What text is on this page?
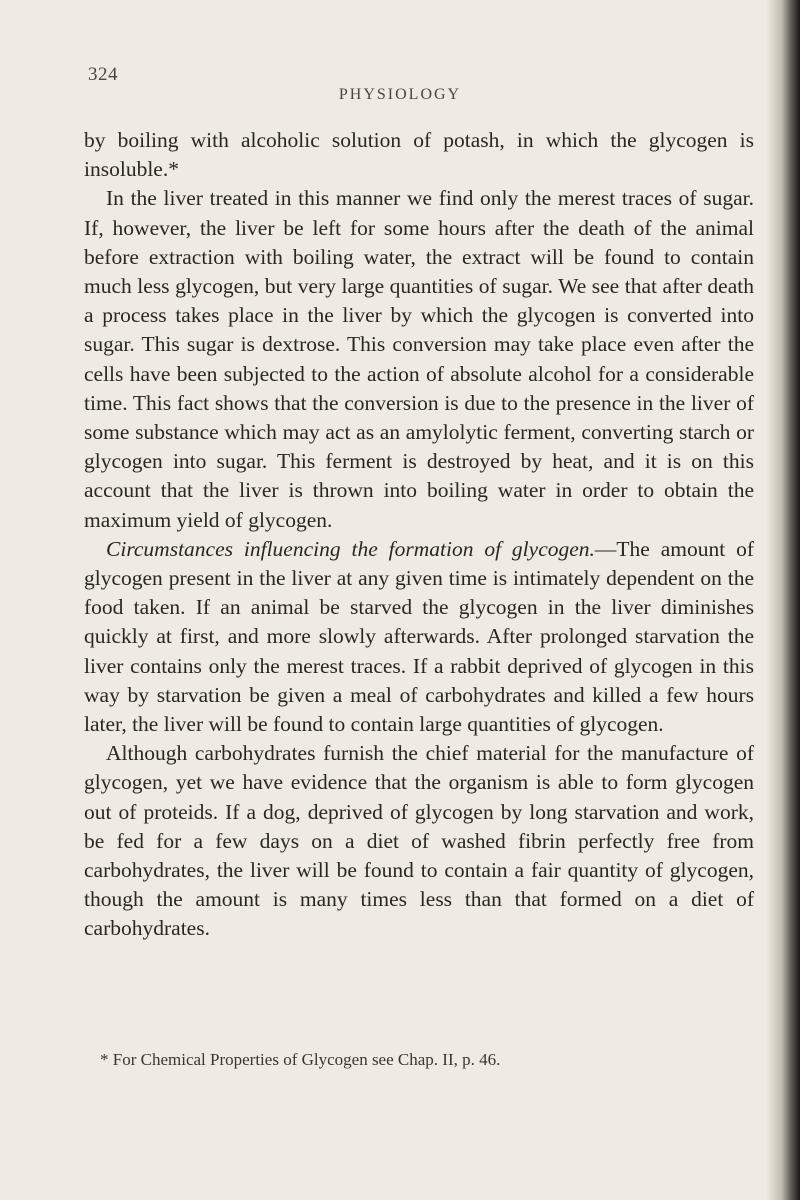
324
PHYSIOLOGY

by boiling with alcoholic solution of potash, in which the glycogen is insoluble.*

In the liver treated in this manner we find only the merest traces of sugar. If, however, the liver be left for some hours after the death of the animal before extraction with boiling water, the extract will be found to contain much less glycogen, but very large quantities of sugar. We see that after death a process takes place in the liver by which the glycogen is converted into sugar. This sugar is dextrose. This conversion may take place even after the cells have been subjected to the action of absolute alcohol for a considerable time. This fact shows that the conversion is due to the presence in the liver of some substance which may act as an amylolytic ferment, converting starch or glycogen into sugar. This ferment is destroyed by heat, and it is on this account that the liver is thrown into boiling water in order to obtain the maximum yield of glycogen.

Circumstances influencing the formation of glycogen.—The amount of glycogen present in the liver at any given time is intimately dependent on the food taken. If an animal be starved the glycogen in the liver diminishes quickly at first, and more slowly afterwards. After prolonged starvation the liver contains only the merest traces. If a rabbit deprived of glycogen in this way by starvation be given a meal of carbohydrates and killed a few hours later, the liver will be found to contain large quantities of glycogen.

Although carbohydrates furnish the chief material for the manufacture of glycogen, yet we have evidence that the organism is able to form glycogen out of proteids. If a dog, deprived of glycogen by long starvation and work, be fed for a few days on a diet of washed fibrin perfectly free from carbohydrates, the liver will be found to contain a fair quantity of glycogen, though the amount is many times less than that formed on a diet of carbohydrates.

* For Chemical Properties of Glycogen see Chap. II, p. 46.
